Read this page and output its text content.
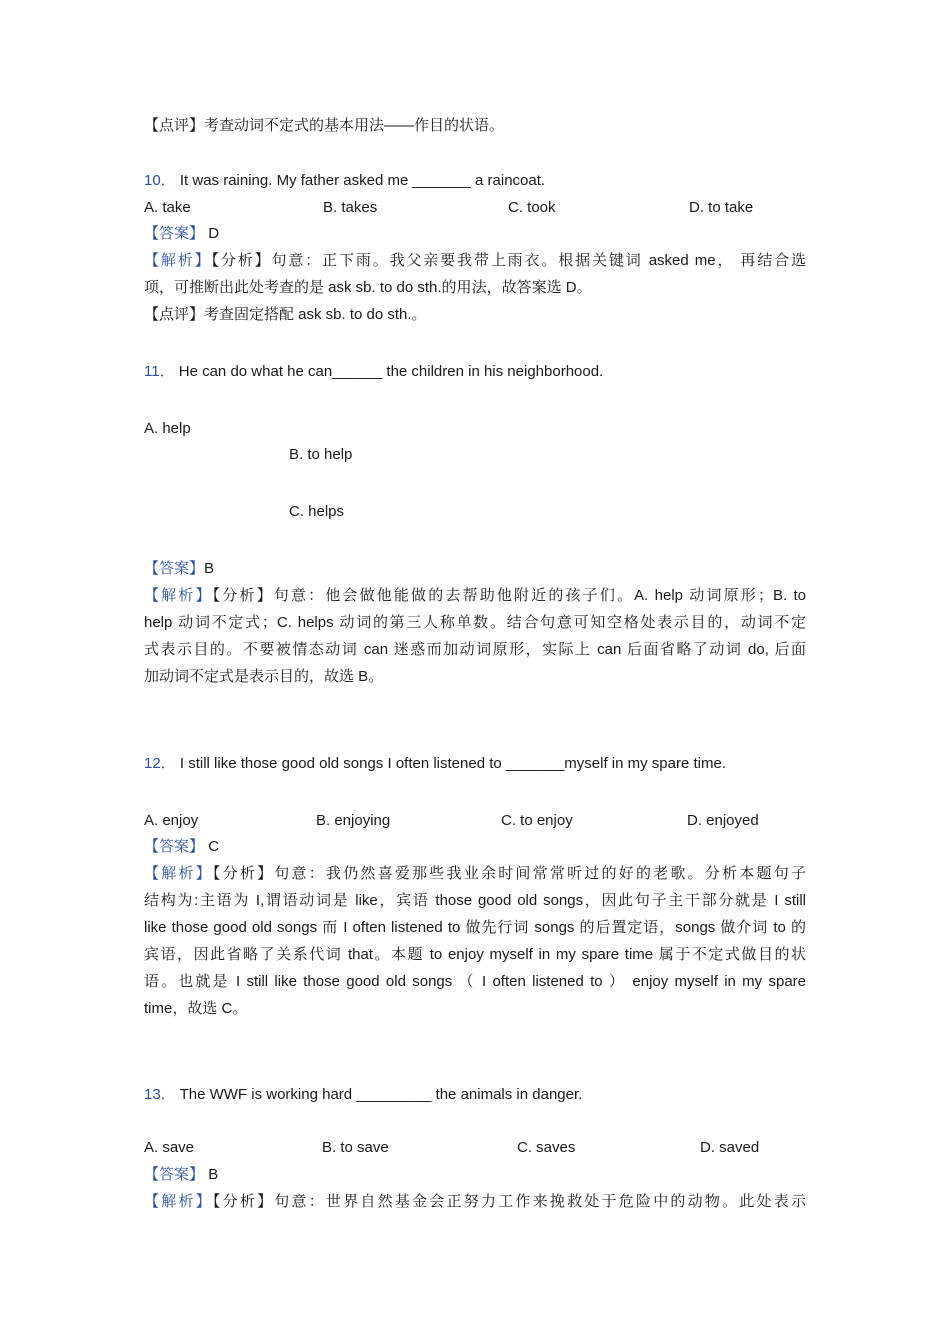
【点评】考查动词不定式的基本用法——作目的状语。
10． It was raining. My father asked me _______ a raincoat.
A. take	B. takes	C. took	D. to take
【答案】 D
【解析】【分析】句意：正下雨。我父亲要我带上雨衣。根据关键词 asked me， 再结合选
项，可推断出此处考查的是 ask sb. to do sth.的用法，故答案选 D。
【点评】考查固定搭配 ask sb. to do sth.。
11． He can do what he can______ the children in his neighborhood.
A. help
B. to help
C. helps
【答案】B
【解析】【分析】句意：他会做他能做的去帮助他附近的孩子们。A. help 动词原形；B. to
help 动词不定式；C. helps 动词的第三人称单数。结合句意可知空格处表示目的，动词不定
式表示目的。不要被情态动词 can 迷惑而加动词原形，实际上 can 后面省略了动词 do, 后面
加动词不定式是表示目的，故选 B。
12． I still like those good old songs I often listened to _______myself in my spare time.
A. enjoy	B. enjoying	C. to enjoy	D. enjoyed
【答案】 C
【解析】【分析】句意：我仍然喜爱那些我业余时间常常听过的好的老歌。分析本题句子
结构为:主语为 I,谓语动词是 like，宾语 those good old songs，因此句子主干部分就是 I still
like those good old songs 而 I often listened to 做先行词 songs 的后置定语，songs 做介词 to 的
宾语，因此省略了关系代词 that。本题 to enjoy myself in my spare time 属于不定式做目的状
语。也就是 I still like those good old songs （ I often listened to ） enjoy myself in my spare
time，故选 C。
13． The WWF is working hard _________ the animals in danger.
A. save	B. to save	C. saves	D. saved
【答案】 B
【解析】【分析】句意：世界自然基金会正努力工作来挽救处于危险中的动物。此处表示
